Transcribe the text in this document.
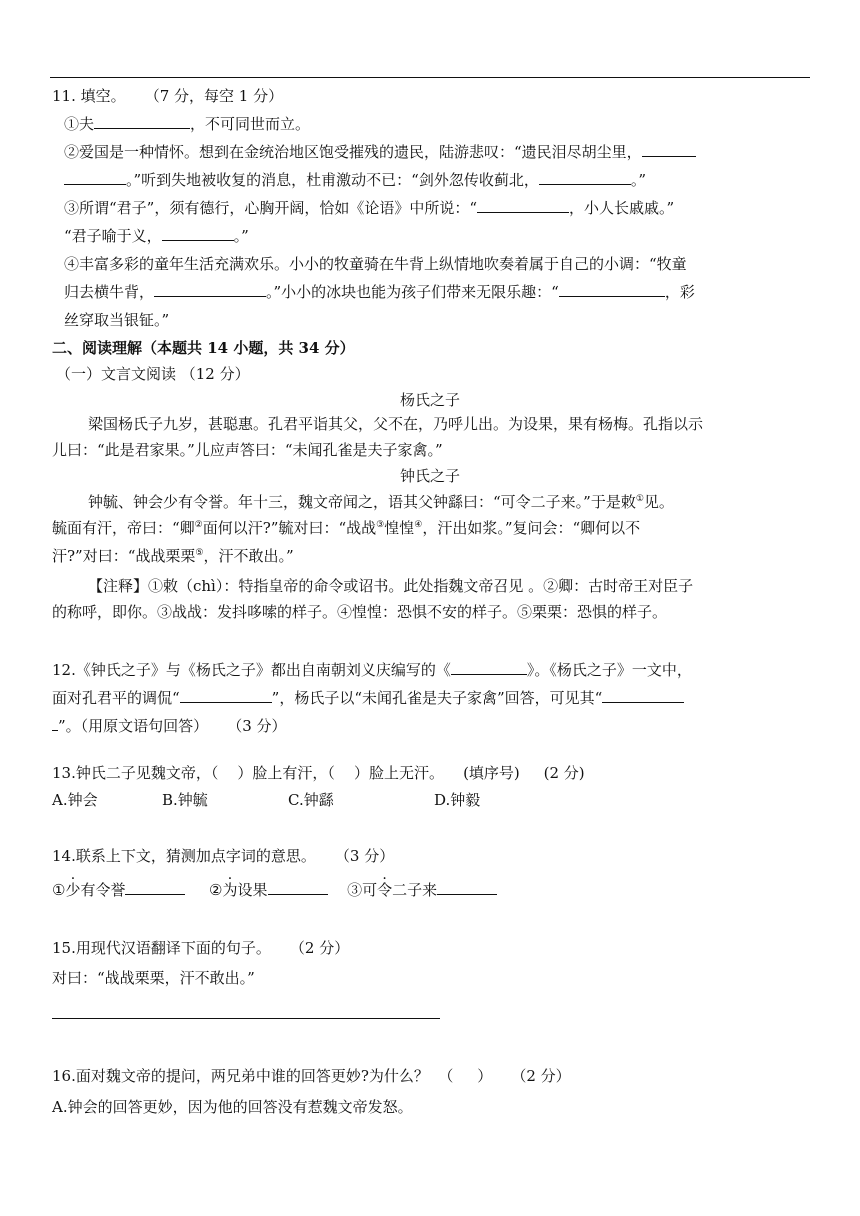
11. 填空。    （7 分，每空 1 分）
①夫	，不可同世而立。
②爱国是一种情怀。想到在金统治地区饱受摧残的遗民，陆游悲叹：“遗民泪尽胡尘里，
。”听到失地被收复的消息，杜甫激动不已：“剑外忽传收蓟北，	。”
③所谓“君子”，须有德行，心胸开阔，恰如《论语》中所说：“	，小人长戚戚。”
“君子喻于义，	。”
④丰富多彩的童年生活充满欢乐。小小的牧童骑在牛背上纵情地吹奏着属于自己的小调：“牧童
归去横牛背，	。”小小的冰块也能为孩子们带来无限乐趣：“	，彩
丝穿取当银钲。”
二、阅读理解（本题共 14 小题，共 34 分）
（一）文言文阅读 （12 分）
杨氏之子
梁国杨氏子九岁，甚聪惠。孔君平诣其父，父不在，乃呼儿出。为设果，果有杨梅。孔指以示
儿曰：“此是君家果。”儿应声答曰：“未闻孔雀是夫子家禽。”
钟氏之子
钟毓、钟会少有令誉。年十三，魏文帝闻之，语其父钟繇曰：“可令二子来。”于是敕①见。
毓面有汗，帝曰：“卿②面何以汗?”毓对曰：“战战③惶惶④，汗出如浆。”复问会：“卿何以不
汗?”对曰：“战战栗栗⑤，汗不敢出。”
【注释】①敕（chì）：特指皇帝的命令或诏书。此处指魏文帝召见 。②卿：古时帝王对臣子
的称呼，即你。③战战：发抖哆嗦的样子。④惶惶：恐惧不安的样子。⑤栗栗：恐惧的样子。
12.《钟氏之子》与《杨氏之子》都出自南朝刘义庆编写的《	》。《杨氏之子》一文中，
面对孔君平的调侃“	”，杨氏子以“未闻孔雀是夫子家禽”回答，可见其“
”。（用原文语句回答）    （3 分）
13.钟氏二子见魏文帝，（    ）脸上有汗，（    ）脸上无汗。    (填序号)     (2 分)
A.钟会	B.钟毓	C.钟繇	D.钟毅
14.联系上下文，猜测加点字词的意思。    （3 分）
①少有令誉	②为设果	③可令二子来
15.用现代汉语翻译下面的句子。    （2 分）
对曰：“战战栗栗，汗不敢出。”
16.面对魏文帝的提问，两兄弟中谁的回答更妙?为什么？  （     ）    （2 分）
A.钟会的回答更妙，因为他的回答没有惹魏文帝发怒。
